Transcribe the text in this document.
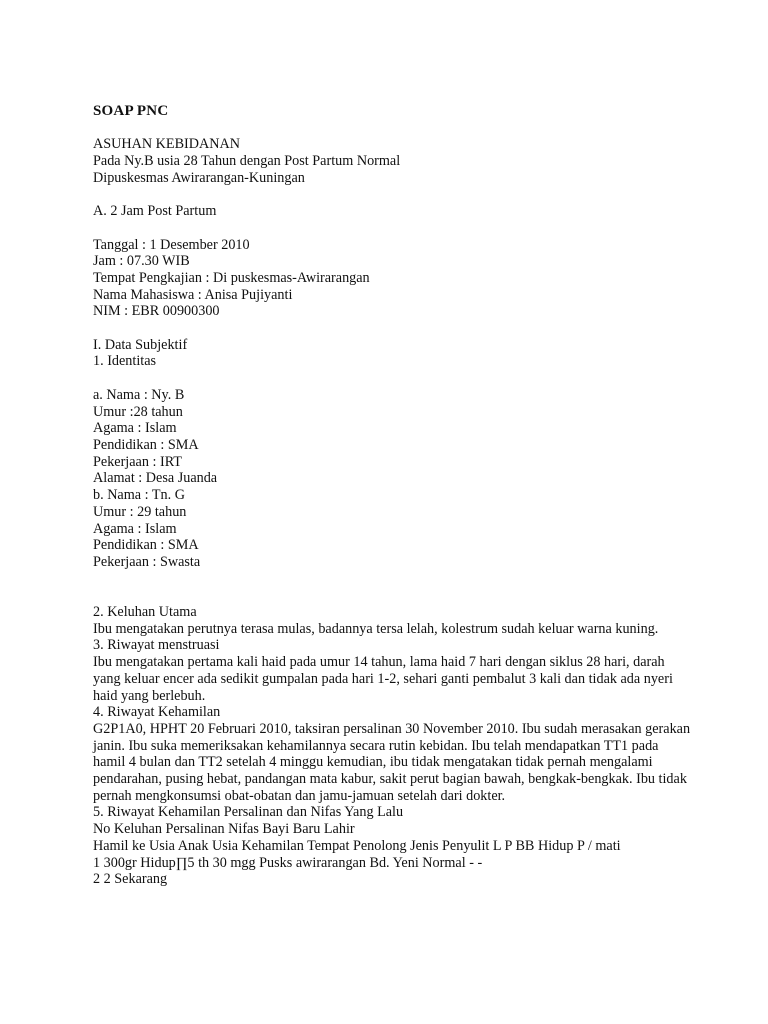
SOAP PNC
ASUHAN KEBIDANAN
Pada Ny.B usia 28 Tahun dengan Post Partum Normal
Dipuskesmas Awirarangan-Kuningan
A. 2 Jam Post Partum
Tanggal : 1 Desember 2010
Jam : 07.30 WIB
Tempat Pengkajian : Di puskesmas-Awirarangan
Nama Mahasiswa : Anisa Pujiyanti
NIM : EBR 00900300
I. Data Subjektif
1. Identitas
a. Nama : Ny. B
Umur :28 tahun
Agama : Islam
Pendidikan : SMA
Pekerjaan : IRT
Alamat : Desa Juanda
b. Nama : Tn. G
Umur : 29 tahun
Agama : Islam
Pendidikan : SMA
Pekerjaan : Swasta
2. Keluhan Utama
Ibu mengatakan perutnya terasa mulas, badannya tersa lelah, kolestrum sudah keluar warna kuning.
3. Riwayat menstruasi
Ibu mengatakan pertama kali haid pada umur 14 tahun, lama haid 7 hari dengan siklus 28 hari, darah yang keluar encer ada sedikit gumpalan pada hari 1-2, sehari ganti pembalut 3 kali dan tidak ada nyeri haid yang berlebuh.
4. Riwayat Kehamilan
G2P1A0, HPHT 20 Februari 2010, taksiran persalinan 30 November 2010. Ibu sudah merasakan gerakan janin. Ibu suka memeriksakan kehamilannya secara rutin kebidan. Ibu telah mendapatkan TT1 pada hamil 4 bulan dan TT2 setelah 4 minggu kemudian, ibu tidak mengatakan tidak pernah mengalami pendarahan, pusing hebat, pandangan mata kabur, sakit perut bagian bawah, bengkak-bengkak. Ibu tidak pernah mengkonsumsi obat-obatan dan jamu-jamuan setelah dari dokter.
5. Riwayat Kehamilan Persalinan dan Nifas Yang Lalu
No Keluhan Persalinan Nifas Bayi Baru Lahir
Hamil ke Usia Anak Usia Kehamilan Tempat Penolong Jenis Penyulit L P BB Hidup P / mati
1 300gr Hidup∏5 th 30 mgg Pusks awirarangan Bd. Yeni Normal - -
2 2 Sekarang
